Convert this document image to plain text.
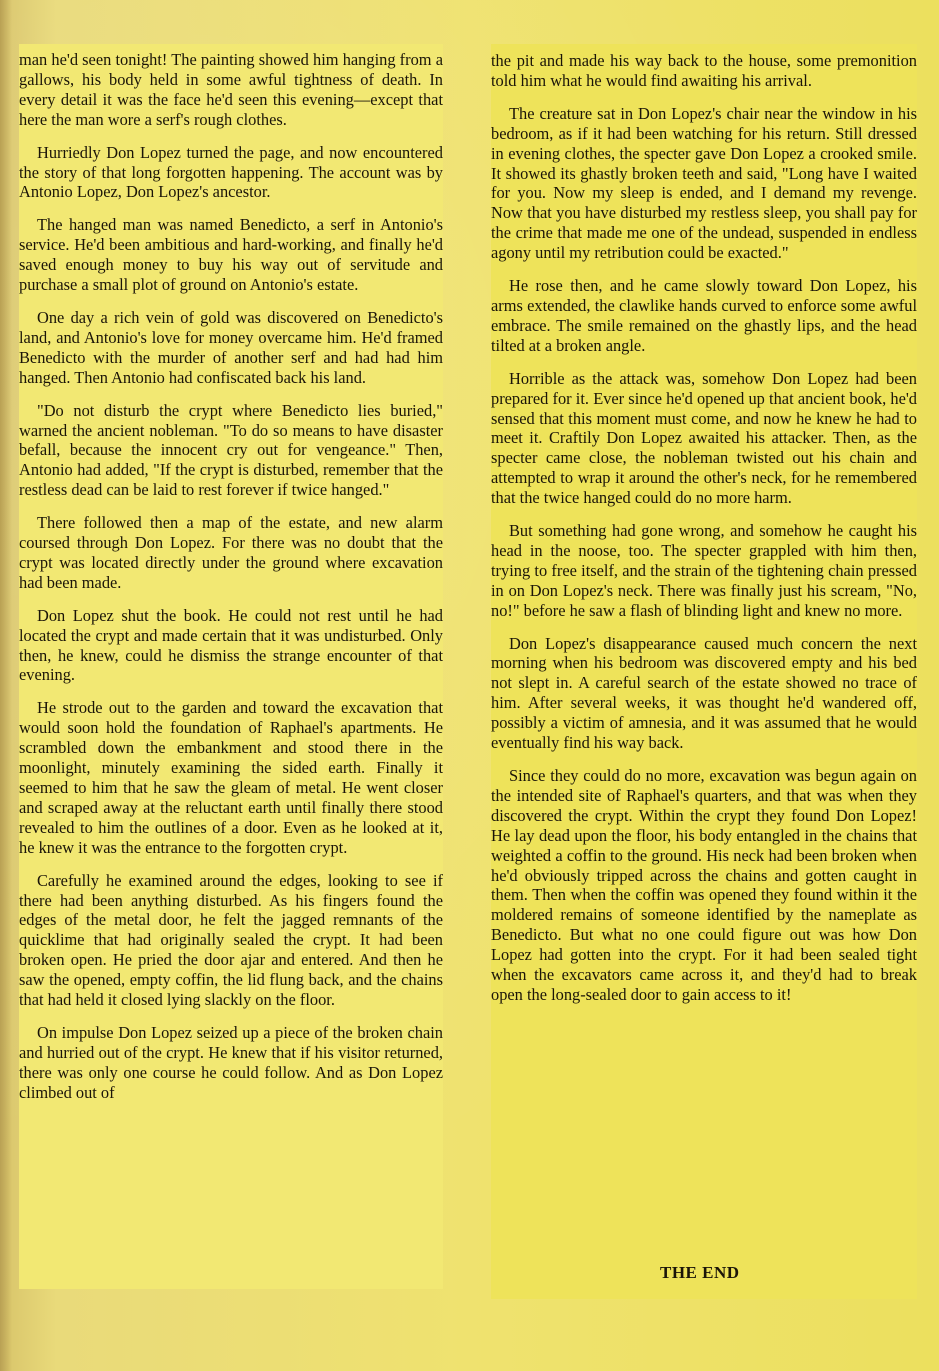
man he'd seen tonight! The painting showed him hanging from a gallows, his body held in some awful tightness of death. In every detail it was the face he'd seen this evening—except that here the man wore a serf's rough clothes.

Hurriedly Don Lopez turned the page, and now encountered the story of that long forgotten happening. The account was by Antonio Lopez, Don Lopez's ancestor.

The hanged man was named Benedicto, a serf in Antonio's service. He'd been ambitious and hard-working, and finally he'd saved enough money to buy his way out of servitude and purchase a small plot of ground on Antonio's estate.

One day a rich vein of gold was discovered on Benedicto's land, and Antonio's love for money overcame him. He'd framed Benedicto with the murder of another serf and had had him hanged. Then Antonio had confiscated back his land.

"Do not disturb the crypt where Benedicto lies buried," warned the ancient nobleman. "To do so means to have disaster befall, because the innocent cry out for vengeance." Then, Antonio had added, "If the crypt is disturbed, remember that the restless dead can be laid to rest forever if twice hanged."

There followed then a map of the estate, and new alarm coursed through Don Lopez. For there was no doubt that the crypt was located directly under the ground where excavation had been made.

Don Lopez shut the book. He could not rest until he had located the crypt and made certain that it was undisturbed. Only then, he knew, could he dismiss the strange encounter of that evening.

He strode out to the garden and toward the excavation that would soon hold the foundation of Raphael's apartments. He scrambled down the embankment and stood there in the moonlight, minutely examining the sided earth. Finally it seemed to him that he saw the gleam of metal. He went closer and scraped away at the reluctant earth until finally there stood revealed to him the outlines of a door. Even as he looked at it, he knew it was the entrance to the forgotten crypt.

Carefully he examined around the edges, looking to see if there had been anything disturbed. As his fingers found the edges of the metal door, he felt the jagged remnants of the quicklime that had originally sealed the crypt. It had been broken open. He pried the door ajar and entered. And then he saw the opened, empty coffin, the lid flung back, and the chains that had held it closed lying slackly on the floor.

On impulse Don Lopez seized up a piece of the broken chain and hurried out of the crypt. He knew that if his visitor returned, there was only one course he could follow. And as Don Lopez climbed out of

the pit and made his way back to the house, some premonition told him what he would find awaiting his arrival.

The creature sat in Don Lopez's chair near the window in his bedroom, as if it had been watching for his return. Still dressed in evening clothes, the specter gave Don Lopez a crooked smile. It showed its ghastly broken teeth and said, "Long have I waited for you. Now my sleep is ended, and I demand my revenge. Now that you have disturbed my restless sleep, you shall pay for the crime that made me one of the undead, suspended in endless agony until my retribution could be exacted."

He rose then, and he came slowly toward Don Lopez, his arms extended, the clawlike hands curved to enforce some awful embrace. The smile remained on the ghastly lips, and the head tilted at a broken angle.

Horrible as the attack was, somehow Don Lopez had been prepared for it. Ever since he'd opened up that ancient book, he'd sensed that this moment must come, and now he knew he had to meet it. Craftily Don Lopez awaited his attacker. Then, as the specter came close, the nobleman twisted out his chain and attempted to wrap it around the other's neck, for he remembered that the twice hanged could do no more harm.

But something had gone wrong, and somehow he caught his head in the noose, too. The specter grappled with him then, trying to free itself, and the strain of the tightening chain pressed in on Don Lopez's neck. There was finally just his scream, "No, no!" before he saw a flash of blinding light and knew no more.

Don Lopez's disappearance caused much concern the next morning when his bedroom was discovered empty and his bed not slept in. A careful search of the estate showed no trace of him. After several weeks, it was thought he'd wandered off, possibly a victim of amnesia, and it was assumed that he would eventually find his way back.

Since they could do no more, excavation was begun again on the intended site of Raphael's quarters, and that was when they discovered the crypt. Within the crypt they found Don Lopez! He lay dead upon the floor, his body entangled in the chains that weighted a coffin to the ground. His neck had been broken when he'd obviously tripped across the chains and gotten caught in them. Then when the coffin was opened they found within it the moldered remains of someone identified by the nameplate as Benedicto. But what no one could figure out was how Don Lopez had gotten into the crypt. For it had been sealed tight when the excavators came across it, and they'd had to break open the long-sealed door to gain access to it!

THE END
